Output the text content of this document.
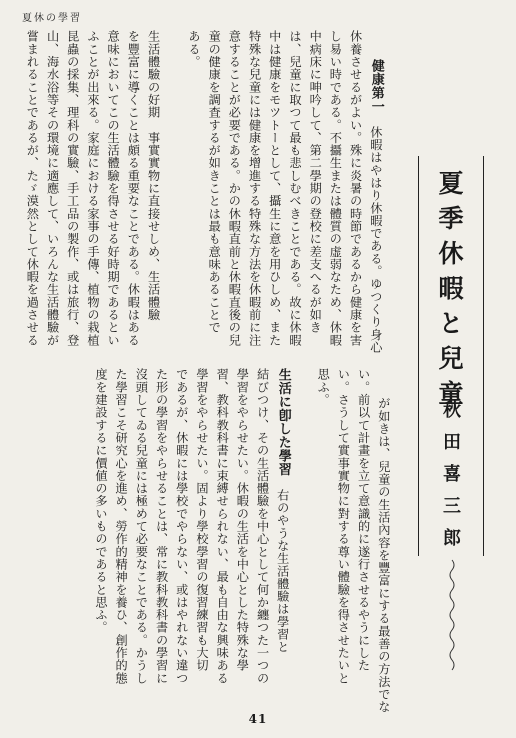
夏休の學習

健康第一　休暇はやはり休暇である。ゆつくり身心
休養させるがよい。殊に炎暑の時節であるから健康を害
し易い時である。不攝生または體質の虚弱なため、休暇
中病床に呻吟して、第二學期の登校に差支へるが如き
は、兒童に取つて最も悲しむべきことである。故に休暇
中は健康をモツトーとして、攝生に意を用ひしめ、また
特殊な兒童には健康を增進する特殊な方法を休暇前に注
意することが必要である。かの休暇直前と休暇直後の兒
童の健康を調査するが如きことは最も意味あることで
ある。

生活體驗の好期　事實實物に直接せしめ、生活體驗
を豐富に導くことは頗る重要なことである。休暇はある
意味においてこの生活體驗を得させる好時期であるとい
ふことが出來る。家庭における家事の手傳、植物の栽植
昆蟲の採集、理科の實驗、手工品の製作、或は旅行、登
山、海水浴等その環境に適應して、いろんな生活體驗が
嘗まれることであるが、たゞ漠然として休暇を過させる	夏季休暇と兒童
秋田喜三郎

が如きは、兒童の生活內容を豐富にする最善の方法でな
い。前以て計畫を立て意識的に遂行させるやうにした
い。さうして實事實物に對する尊い體驗を得させたいと
思ふ。

生活に卽した學習　右のやうな生活體驗は學習と
結びつけ、その生活體驗を中心として何か纏つた一つの
學習をやらせたい。休暇の生活を中心とした特殊な學
習、教科教科書に束縛せられない、最も自由な興味ある
學習をやらせたい。固より學校學習の復習練習も大切
であるが、休暇には學校でやらない、或はやれない違つ
た形の學習をやらせることは、常に教科教科書の學習に
沒頭してゐる兒童には極めて必要なことである。かうし
た學習こそ研究心を進め、勞作的精神を養ひ、創作的態
度を建設するに價値の多いものであると思ふ。

41
